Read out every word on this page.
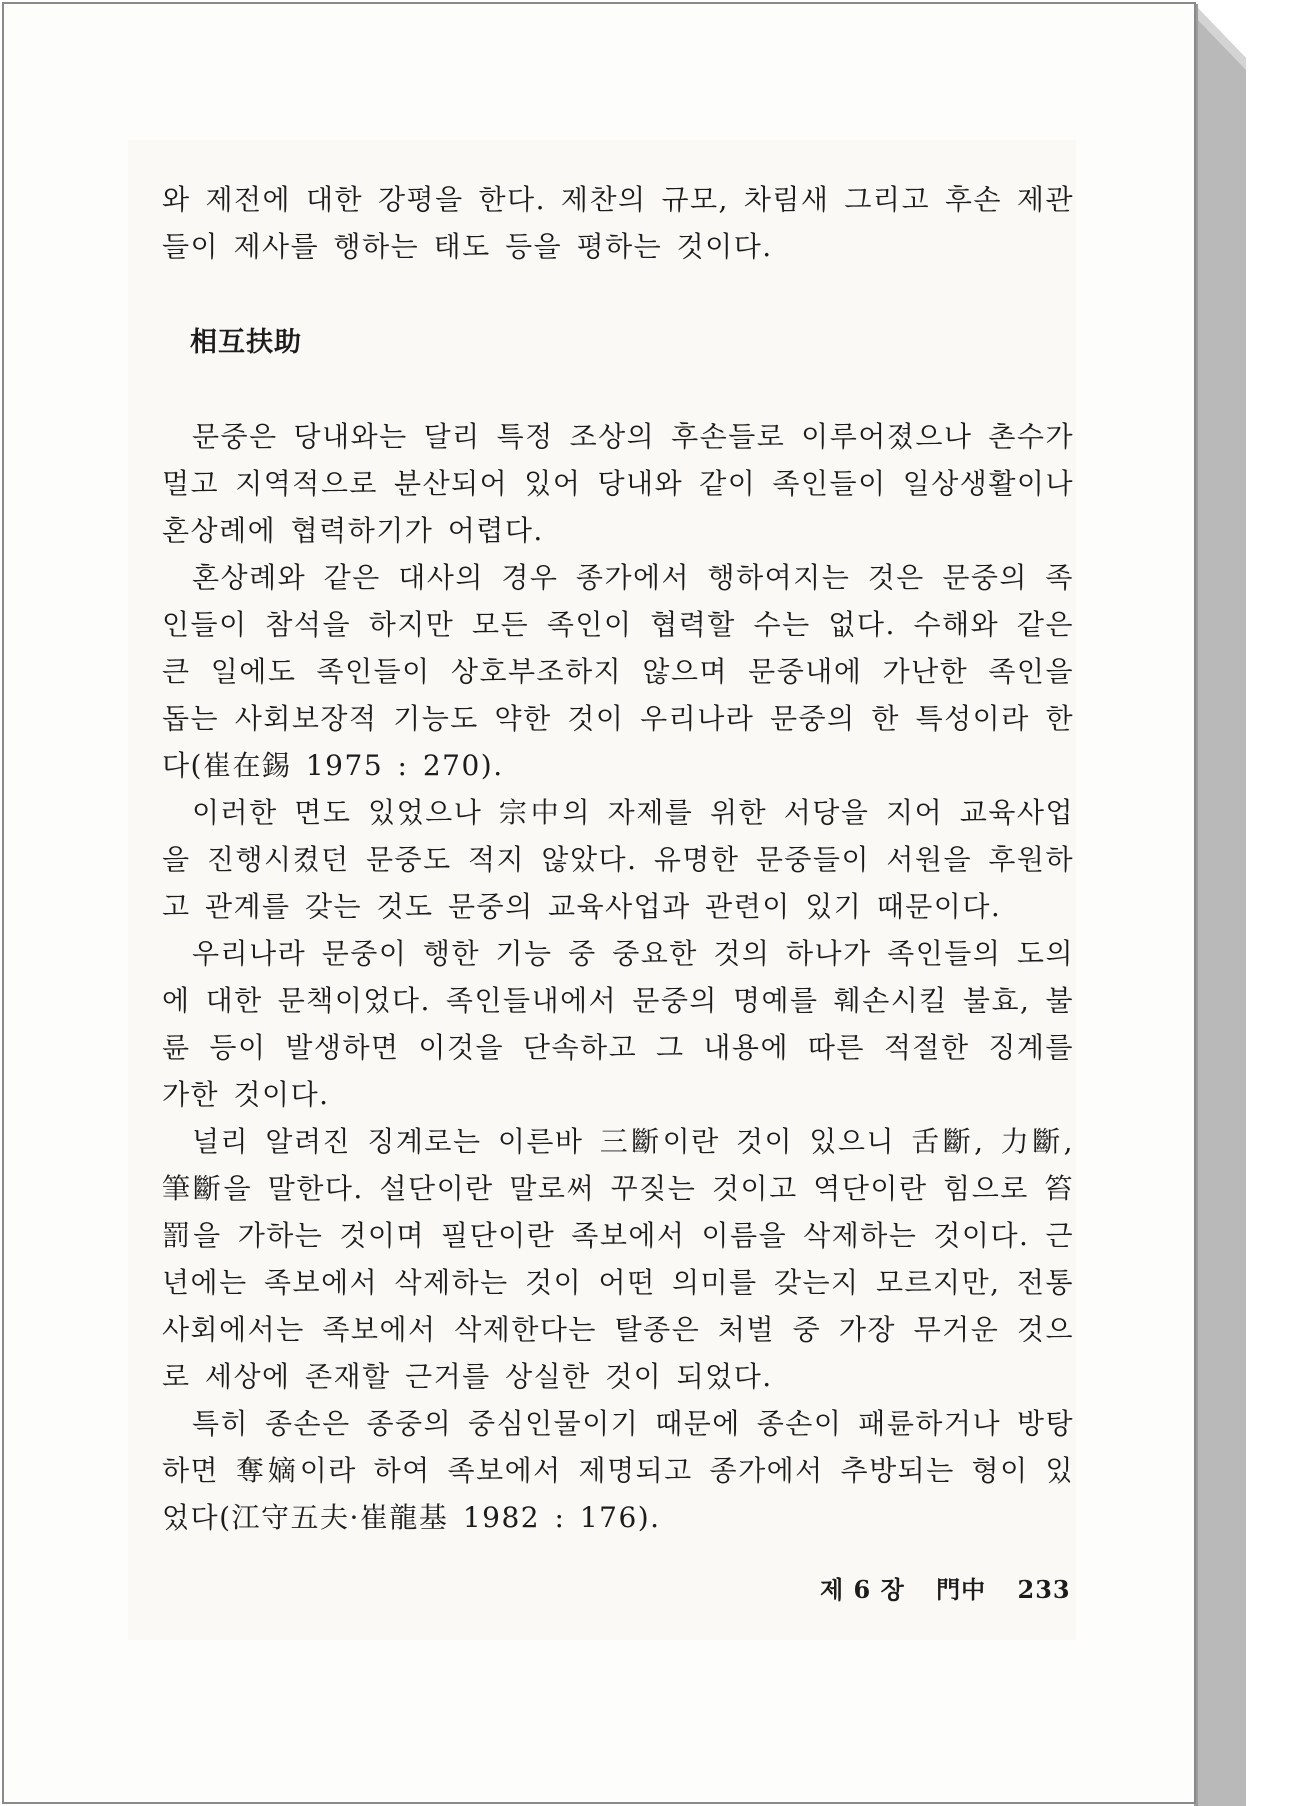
와 제전에 대한 강평을 한다. 제찬의 규모, 차림새 그리고 후손 제관들이 제사를 행하는 태도 등을 평하는 것이다.

相互扶助

문중은 당내와는 달리 특정 조상의 후손들로 이루어졌으나 촌수가 멀고 지역적으로 분산되어 있어 당내와 같이 족인들이 일상생활이나 혼상례에 협력하기가 어렵다.

혼상례와 같은 대사의 경우 종가에서 행하여지는 것은 문중의 족인들이 참석을 하지만 모든 족인이 협력할 수는 없다. 수해와 같은 큰 일에도 족인들이 상호부조하지 않으며 문중내에 가난한 족인을 돕는 사회보장적 기능도 약한 것이 우리나라 문중의 한 특성이라 한다(崔在錫 1975 : 270).

이러한 면도 있었으나 宗中의 자제를 위한 서당을 지어 교육사업을 진행시켰던 문중도 적지 않았다. 유명한 문중들이 서원을 후원하고 관계를 갖는 것도 문중의 교육사업과 관련이 있기 때문이다.

우리나라 문중이 행한 기능 중 중요한 것의 하나가 족인들의 도의에 대한 문책이었다. 족인들내에서 문중의 명예를 훼손시킬 불효, 불륜 등이 발생하면 이것을 단속하고 그 내용에 따른 적절한 징계를 가한 것이다.

널리 알려진 징계로는 이른바 三斷이란 것이 있으니 舌斷, 力斷, 筆斷을 말한다. 설단이란 말로써 꾸짖는 것이고 역단이란 힘으로 笞罰을 가하는 것이며 필단이란 족보에서 이름을 삭제하는 것이다. 근년에는 족보에서 삭제하는 것이 어떤 의미를 갖는지 모르지만, 전통사회에서는 족보에서 삭제한다는 탈종은 처벌 중 가장 무거운 것으로 세상에 존재할 근거를 상실한 것이 되었다.

특히 종손은 종중의 중심인물이기 때문에 종손이 패륜하거나 방탕하면 奪嫡이라 하여 족보에서 제명되고 종가에서 추방되는 형이 있었다(江守五夫·崔龍基 1982 : 176).

제 6 장 門中 233
